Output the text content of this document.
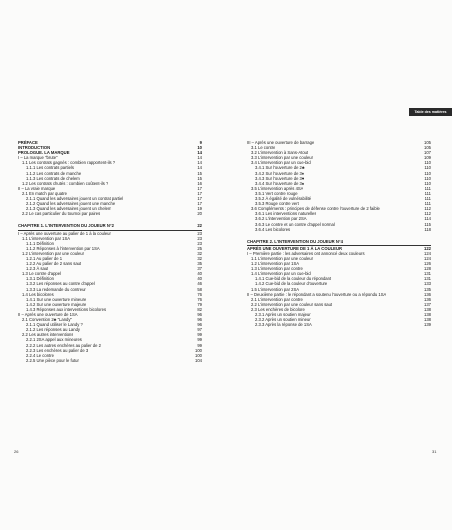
Table des matières
PRÉFACE	9
INTRODUCTION	10
PROLOGUE. LA MARQUE	14
I – La marque "brute"	14
1.1 Les contrats gagnés : combien rapportent-ils ?	14
1.1.1 Les contrats partiels	14
1.1.2 Les contrats de manche	15
1.1.3 Les contrats de chelem	15
1.2 Les contrats chutés : combien coûtent-ils ?	16
II – La vraie marque	17
2.1 En match par quatre	17
2.1.1 Quand les adversaires jouent un contrat partiel	17
2.1.2 Quand les adversaires jouent une manche	17
2.1.3 Quand les adversaires jouent un chelem	19
2.2 Le cas particulier du tournoi par paires	20
CHAPITRE 1. L'INTERVENTION DU JOUEUR N°2	22
I – Après une ouverture au palier de 1 à la couleur	23
1.1 L'intervention par 1SA	23
1.1.1 Définition	23
1.1.2 Réponses à l'intervention par 1SA	25
1.2 L'intervention par une couleur	32
1.2.1 Au palier de 1	32
1.2.2 Au palier de 2 sans saut	35
1.2.3 À saut	37
1.3 Le contre d'appel	40
1.3.1 Définition	40
1.3.2 Les réponses au contre d'appel	46
1.3.3 La redemande du contreur	58
1.4 Les bicolores	76
1.4.1 Sur une ouverture mineure	76
1.4.2 Sur une ouverture majeure	79
1.4.3 Réponses aux interventions bicolores	82
II – Après une ouverture de 1SA	96
2.1 Convention 2♣ "Landy"	96
2.1.1 Quand utiliser le Landy ?	96
2.1.2 Les réponses au Landy	97
2.2 Les autres interventions	99
2.2.1 2SA appel aux mineures	99
2.2.2 Les autres enchères au palier de 2	99
2.2.3 Les enchères au palier de 3	100
2.2.4 Le contre	100
2.2.5 Une pièce pour le futur	104
III – Après une ouverture de barrage	105
3.1 Le contre	105
3.2 L'intervention à Sans-Atout	107
3.3 L'intervention par une couleur	109
3.4 L'intervention par un cue-bid	110
3.4.1 Sur l'ouverture de 2♣	110
3.4.2 Sur l'ouverture de 3♦	110
3.4.3 Sur l'ouverture de 3♥	110
3.4.4 Sur l'ouverture de 3♠	110
3.5 L'intervention après 4SA	111
3.5.1 Vert contre rouge	111
3.5.2 À égalité de vulnérabilité	111
3.5.3 Rouge contre vert	111
3.6 Compléments : principes de défense contre l'ouverture de 2 faible	112
3.6.1 Les interventions naturelles	112
3.6.2 L'intervention par 2SA	114
3.6.3 Le contre et un contre d'appel normal	115
3.6.4 Les bicolores	118
CHAPITRE 2. L'INTERVENTION DU JOUEUR N°4
APRÈS UNE OUVERTURE DE 1 À LA COULEUR	122
I – Première partie : les adversaires ont annoncé deux couleurs	124
1.1 L'intervention par une couleur	124
1.2 L'intervention par 1SA	126
1.3 L'intervention par contre	128
1.4 L'intervention par un cue-bid	131
1.4.1 Cue-bid de la couleur du répondant	131
1.4.2 Cue-bid de la couleur d'ouverture	133
1.5 L'intervention par 2SA	135
II – Deuxième partie : le répondant a soutenu l'ouverture ou a répondu 1SA	136
2.1 L'intervention par contre	136
2.2 L'intervention par une couleur sans saut	137
2.3 Les enchères de bicolore	138
2.3.1 Après un soutien majeur	138
2.3.2 Après un soutien mineur	138
2.3.3 Après la réponse de 1SA	139
26	31
